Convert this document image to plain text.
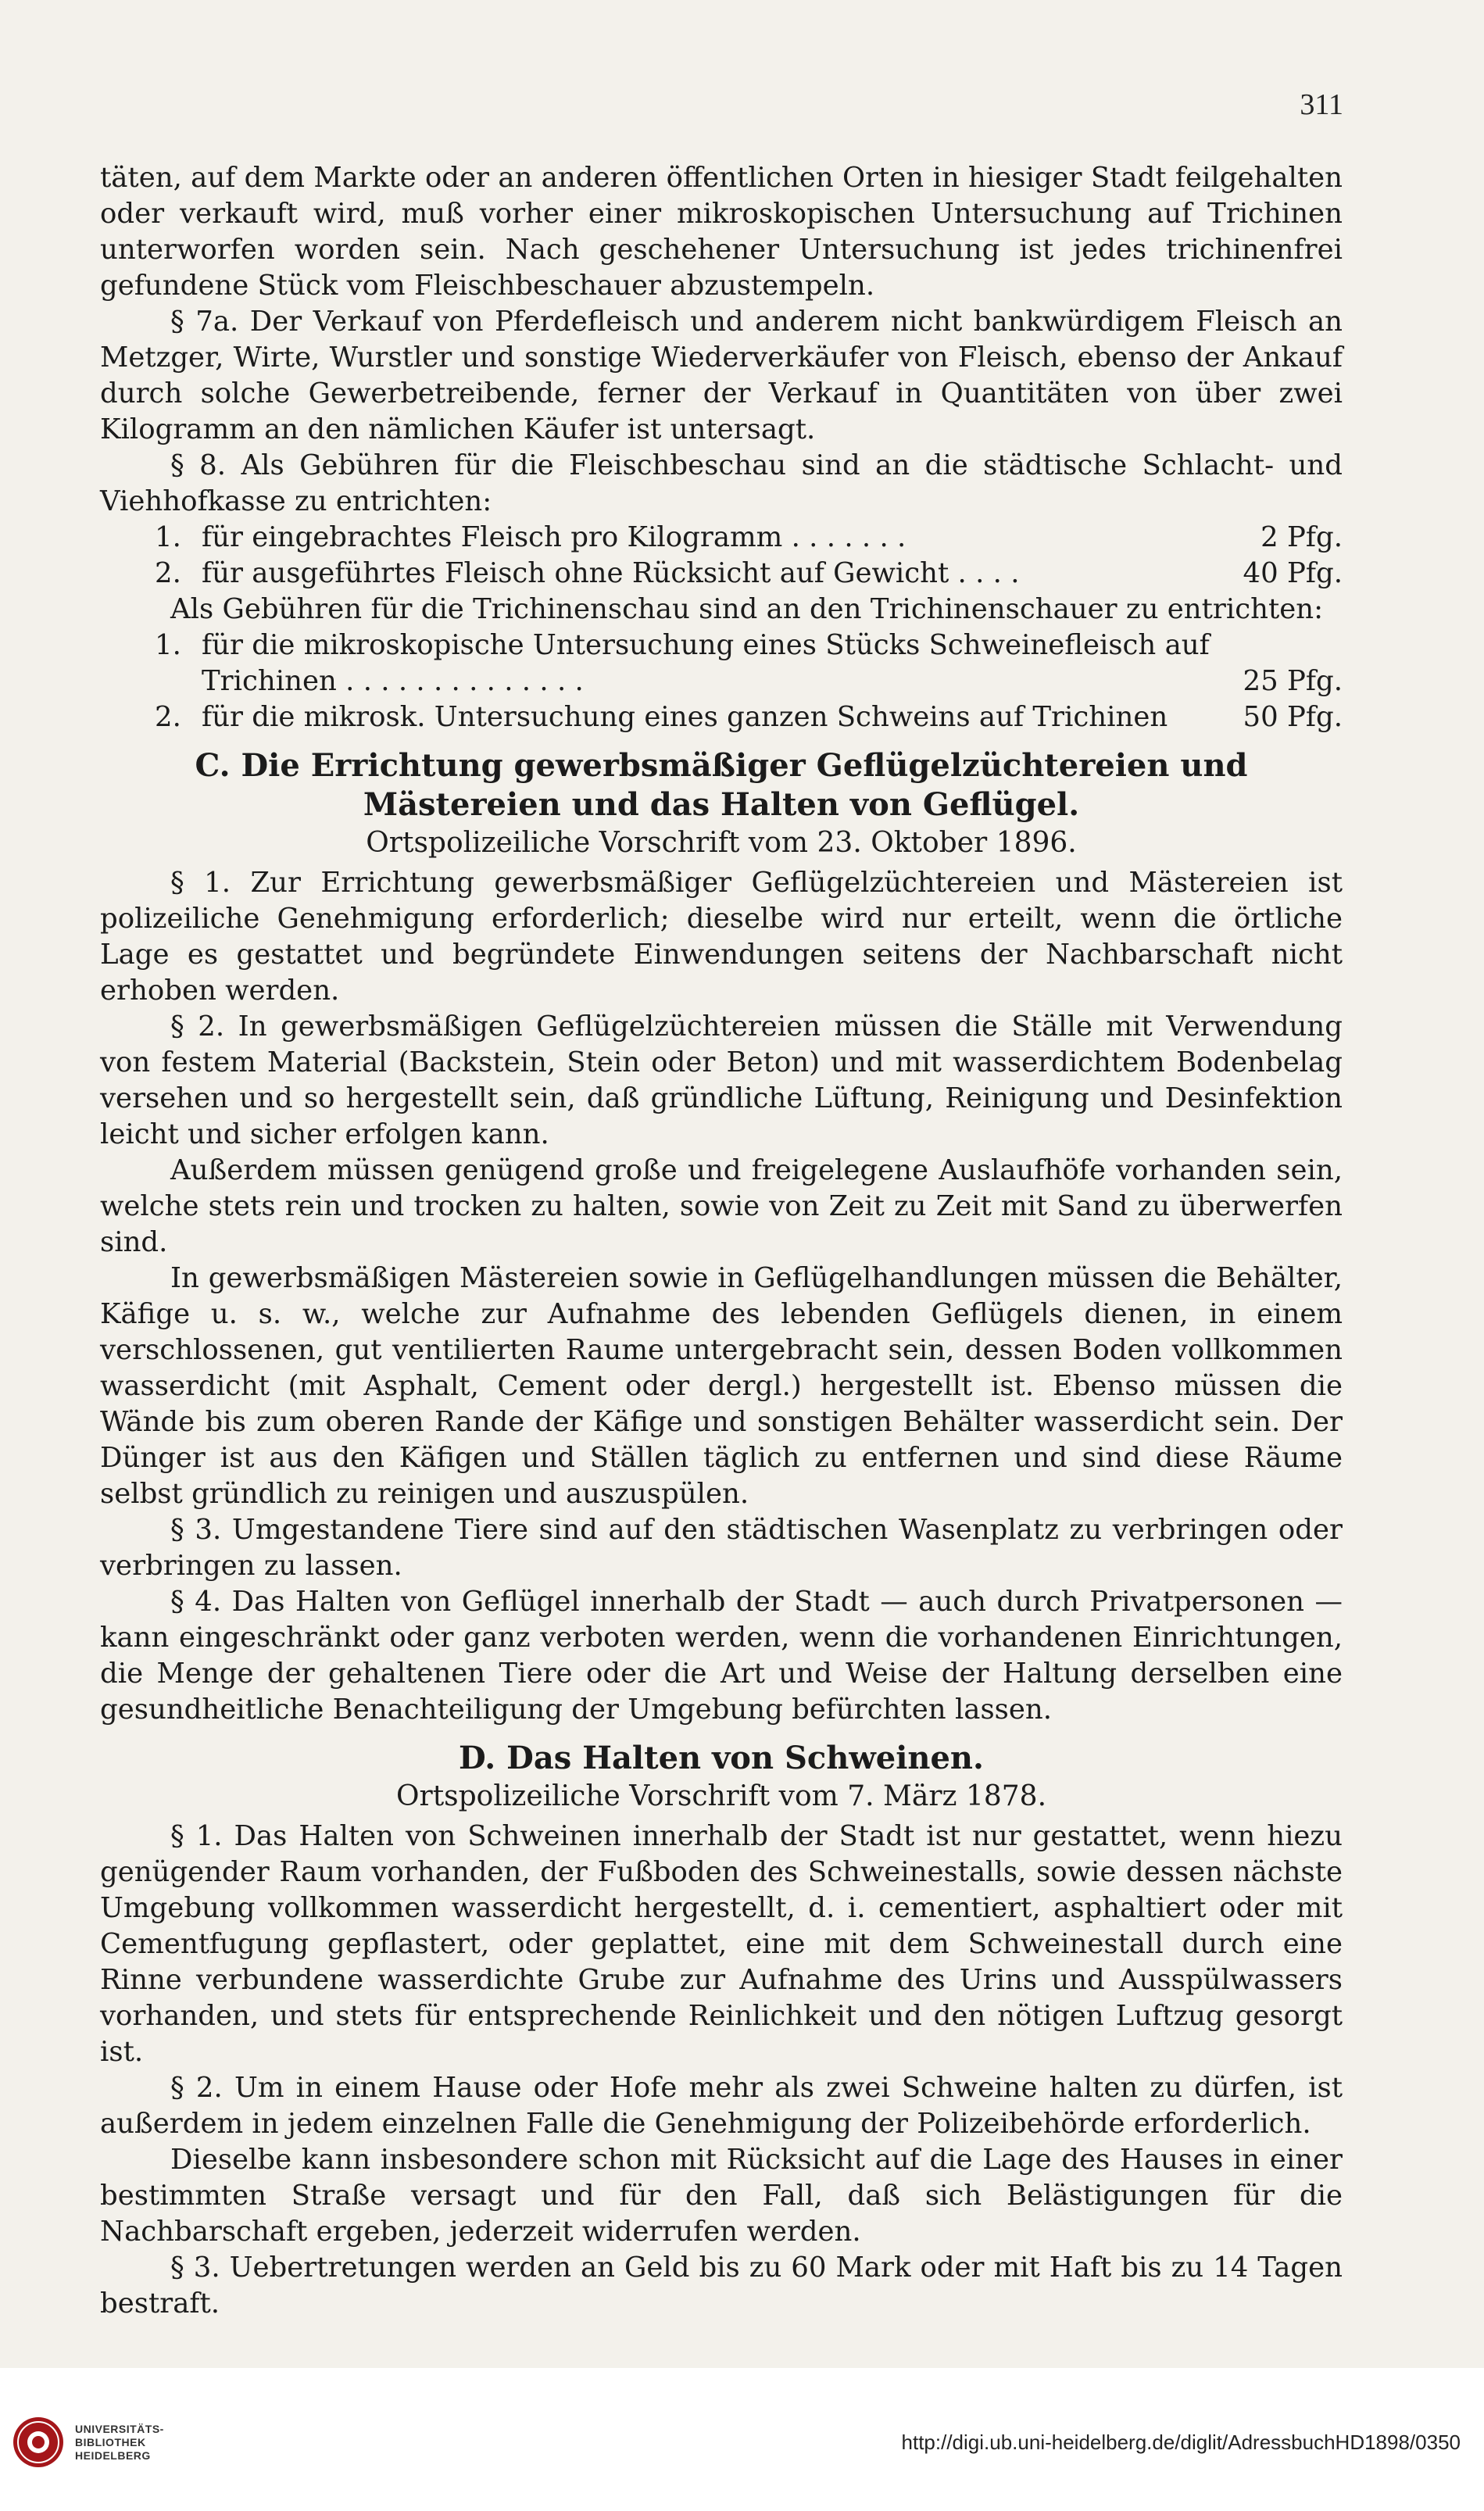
311

täten, auf dem Markte oder an anderen öffentlichen Orten in hiesiger Stadt feilgehalten oder verkauft wird, muß vorher einer mikroskopischen Untersuchung auf Trichinen unterworfen worden sein. Nach geschehener Untersuchung ist jedes trichinenfrei gefundene Stück vom Fleischbeschauer abzustempeln.

§ 7a. Der Verkauf von Pferdefleisch und anderem nicht bankwürdigem Fleisch an Metzger, Wirte, Wurstler und sonstige Wiederverkäufer von Fleisch, ebenso der Ankauf durch solche Gewerbetreibende, ferner der Verkauf in Quantitäten von über zwei Kilogramm an den nämlichen Käufer ist untersagt.

§ 8. Als Gebühren für die Fleischbeschau sind an die städtische Schlacht- und Viehhofkasse zu entrichten:

1. für eingebrachtes Fleisch pro Kilogramm . . . . . . .	2 Pfg.
2. für ausgeführtes Fleisch ohne Rücksicht auf Gewicht . . . .	40 Pfg.

Als Gebühren für die Trichinenschau sind an den Trichinenschauer zu entrichten:

1. für die mikroskopische Untersuchung eines Stücks Schweinefleisch auf
Trichinen . . . . . . . . . . . . . .	25 Pfg.
2. für die mikrosk. Untersuchung eines ganzen Schweins auf Trichinen	50 Pfg.
C. Die Errichtung gewerbsmäßiger Geflügelzüchtereien und Mästereien und das Halten von Geflügel.
Ortspolizeiliche Vorschrift vom 23. Oktober 1896.

§ 1. Zur Errichtung gewerbsmäßiger Geflügelzüchtereien und Mästereien ist polizeiliche Genehmigung erforderlich; dieselbe wird nur erteilt, wenn die örtliche Lage es gestattet und begründete Einwendungen seitens der Nachbarschaft nicht erhoben werden.

§ 2. In gewerbsmäßigen Geflügelzüchtereien müssen die Ställe mit Verwendung von festem Material (Backstein, Stein oder Beton) und mit wasserdichtem Bodenbelag versehen und so hergestellt sein, daß gründliche Lüftung, Reinigung und Desinfektion leicht und sicher erfolgen kann.

Außerdem müssen genügend große und freigelegene Auslaufhöfe vorhanden sein, welche stets rein und trocken zu halten, sowie von Zeit zu Zeit mit Sand zu überwerfen sind.

In gewerbsmäßigen Mästereien sowie in Geflügelhandlungen müssen die Behälter, Käfige u. s. w., welche zur Aufnahme des lebenden Geflügels dienen, in einem verschlossenen, gut ventilierten Raume untergebracht sein, dessen Boden vollkommen wasserdicht (mit Asphalt, Cement oder dergl.) hergestellt ist. Ebenso müssen die Wände bis zum oberen Rande der Käfige und sonstigen Behälter wasserdicht sein. Der Dünger ist aus den Käfigen und Ställen täglich zu entfernen und sind diese Räume selbst gründlich zu reinigen und auszuspülen.

§ 3. Umgestandene Tiere sind auf den städtischen Wasenplatz zu verbringen oder verbringen zu lassen.

§ 4. Das Halten von Geflügel innerhalb der Stadt — auch durch Privatpersonen — kann eingeschränkt oder ganz verboten werden, wenn die vorhandenen Einrichtungen, die Menge der gehaltenen Tiere oder die Art und Weise der Haltung derselben eine gesundheitliche Benachteiligung der Umgebung befürchten lassen.

D. Das Halten von Schweinen.
Ortspolizeiliche Vorschrift vom 7. März 1878.

§ 1. Das Halten von Schweinen innerhalb der Stadt ist nur gestattet, wenn hiezu genügender Raum vorhanden, der Fußboden des Schweinestalls, sowie dessen nächste Umgebung vollkommen wasserdicht hergestellt, d. i. cementiert, asphaltiert oder mit Cementfugung gepflastert, oder geplattet, eine mit dem Schweinestall durch eine Rinne verbundene wasserdichte Grube zur Aufnahme des Urins und Ausspülwassers vorhanden, und stets für entsprechende Reinlichkeit und den nötigen Luftzug gesorgt ist.

§ 2. Um in einem Hause oder Hofe mehr als zwei Schweine halten zu dürfen, ist außerdem in jedem einzelnen Falle die Genehmigung der Polizeibehörde erforderlich.

Dieselbe kann insbesondere schon mit Rücksicht auf die Lage des Hauses in einer bestimmten Straße versagt und für den Fall, daß sich Belästigungen für die Nachbarschaft ergeben, jederzeit widerrufen werden.

§ 3. Uebertretungen werden an Geld bis zu 60 Mark oder mit Haft bis zu 14 Tagen bestraft.

UNIVERSITÄTS-
BIBLIOTHEK
HEIDELBERG
http://digi.ub.uni-heidelberg.de/diglit/AdressbuchHD1898/0350
